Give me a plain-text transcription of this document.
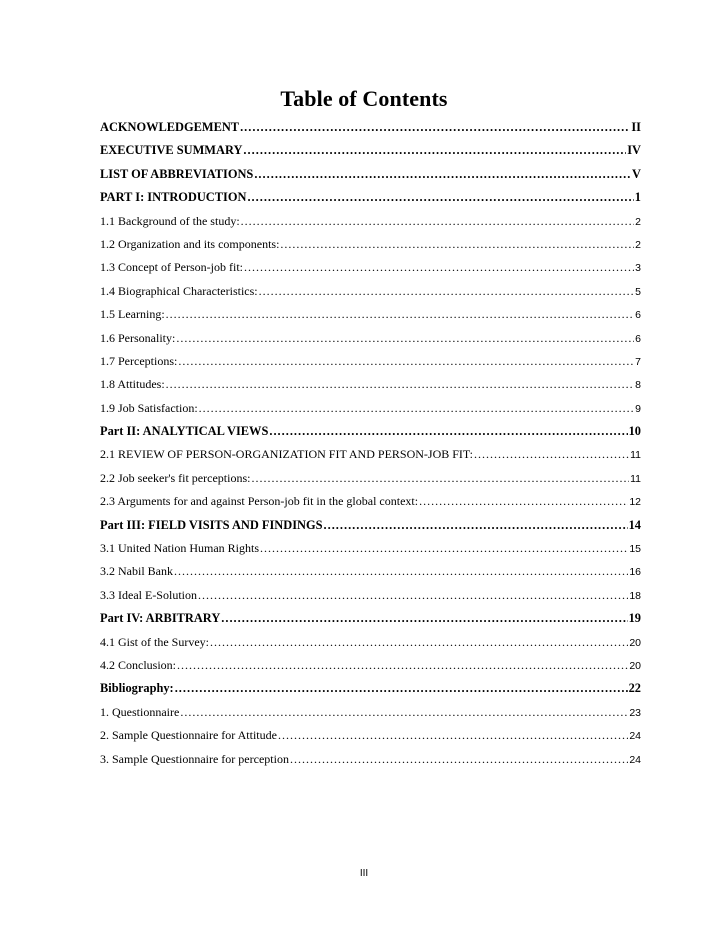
Table of Contents
ACKNOWLEDGEMENT .....	II
EXECUTIVE SUMMARY .....	IV
LIST OF ABBREVIATIONS .....	V
PART I: INTRODUCTION .....	1
1.1 Background of the study: .....	2
1.2 Organization and its components: .....	2
1.3 Concept of Person-job fit: .....	3
1.4 Biographical Characteristics: .....	5
1.5 Learning: .....	6
1.6 Personality: .....	6
1.7 Perceptions: .....	7
1.8 Attitudes: .....	8
1.9 Job Satisfaction: .....	9
Part II: ANALYTICAL VIEWS .....	10
2.1 REVIEW OF PERSON-ORGANIZATION FIT AND PERSON-JOB FIT: .....	11
2.2 Job seeker's fit perceptions: .....	11
2.3 Arguments for and against Person-job fit in the global context: .....	12
Part III: FIELD VISITS AND FINDINGS .....	14
3.1 United Nation Human Rights .....	15
3.2 Nabil Bank .....	16
3.3 Ideal E-Solution .....	18
Part IV: ARBITRARY .....	19
4.1 Gist of the Survey: .....	20
4.2 Conclusion: .....	20
Bibliography: .....	22
1. Questionnaire .....	23
2. Sample Questionnaire for Attitude .....	24
3. Sample Questionnaire for perception .....	24
III
